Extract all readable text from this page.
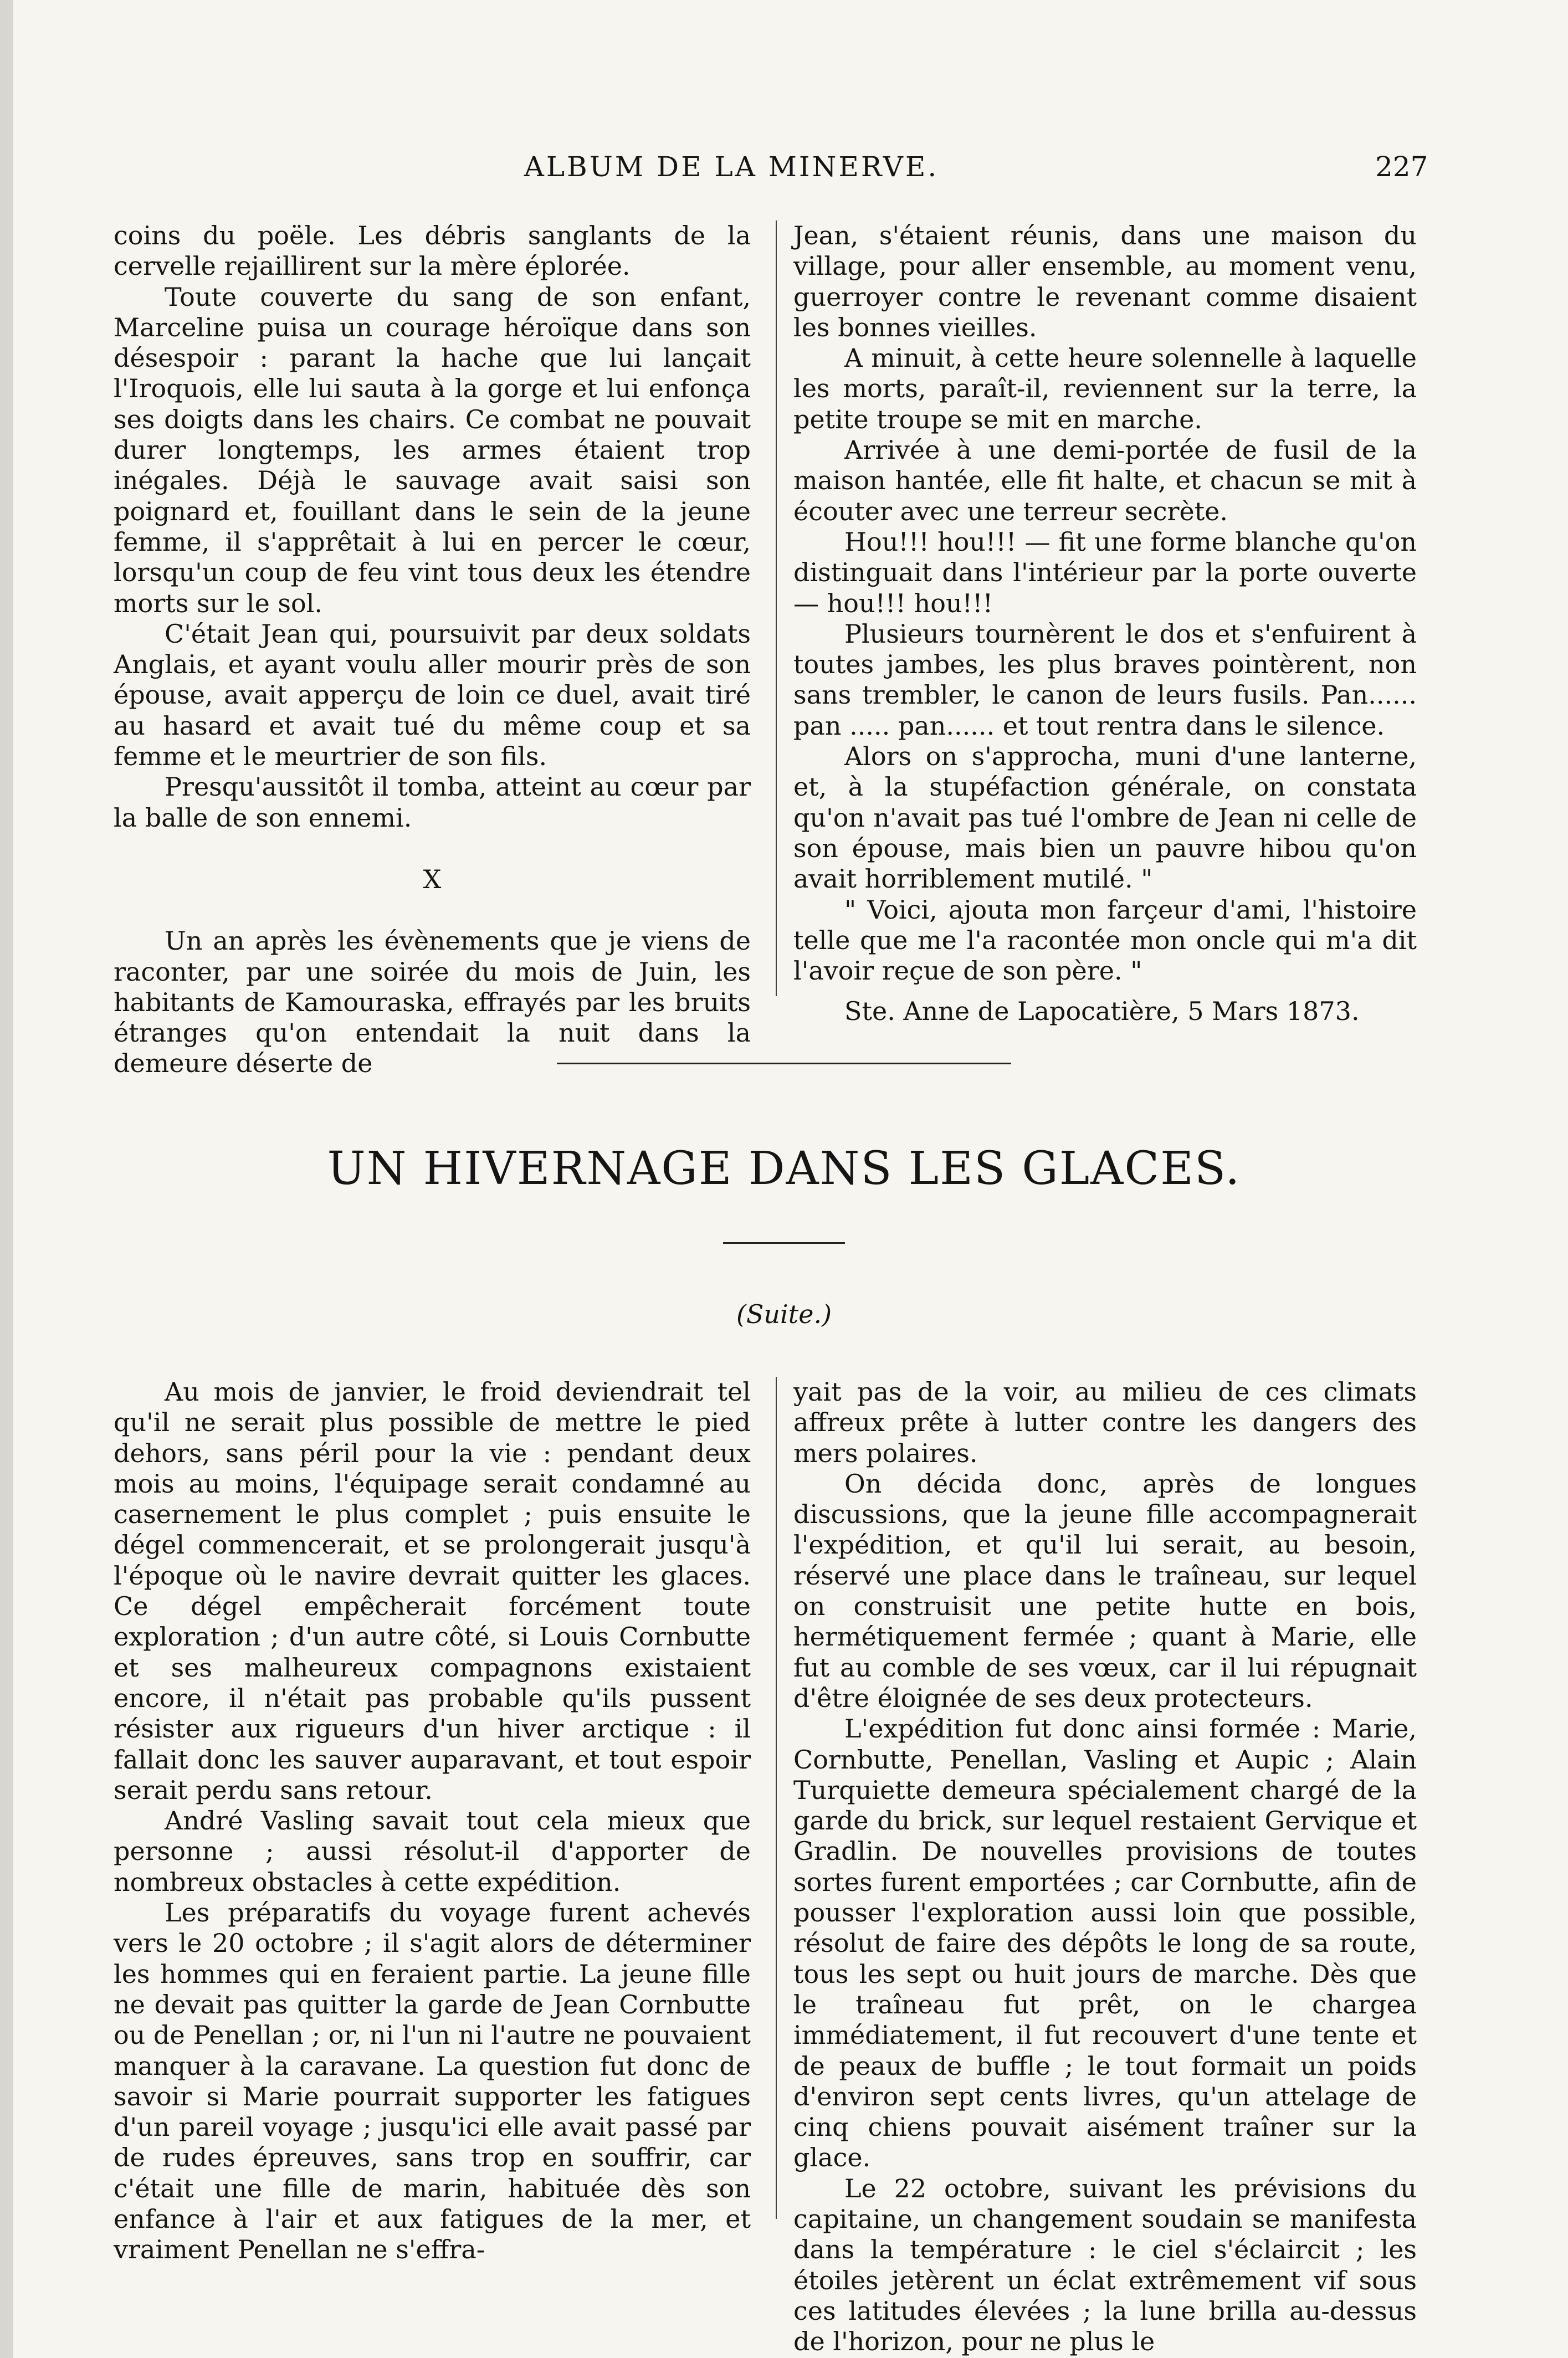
ALBUM DE LA MINERVE.	227

coins du poële. Les débris sanglants de la cervelle rejaillirent sur la mère éplorée.

Toute couverte du sang de son enfant, Marceline puisa un courage héroïque dans son désespoir : parant la hache que lui lançait l'Iroquois, elle lui sauta à la gorge et lui enfonça ses doigts dans les chairs. Ce combat ne pouvait durer longtemps, les armes étaient trop inégales. Déjà le sauvage avait saisi son poignard et, fouillant dans le sein de la jeune femme, il s'apprêtait à lui en percer le cœur, lorsqu'un coup de feu vint tous deux les étendre morts sur le sol.

C'était Jean qui, poursuivit par deux soldats Anglais, et ayant voulu aller mourir près de son épouse, avait apperçu de loin ce duel, avait tiré au hasard et avait tué du même coup et sa femme et le meurtrier de son fils.

Presqu'aussitôt il tomba, atteint au cœur par la balle de son ennemi.

X

Un an après les évènements que je viens de raconter, par une soirée du mois de Juin, les habitants de Kamouraska, effrayés par les bruits étranges qu'on entendait la nuit dans la demeure déserte de

Jean, s'étaient réunis, dans une maison du village, pour aller ensemble, au moment venu, guerroyer contre le revenant comme disaient les bonnes vieilles.

A minuit, à cette heure solennelle à laquelle les morts, paraît-il, reviennent sur la terre, la petite troupe se mit en marche.

Arrivée à une demi-portée de fusil de la maison hantée, elle fit halte, et chacun se mit à écouter avec une terreur secrète.

Hou!!! hou!!! — fit une forme blanche qu'on distinguait dans l'intérieur par la porte ouverte — hou!!! hou!!!

Plusieurs tournèrent le dos et s'enfuirent à toutes jambes, les plus braves pointèrent, non sans trembler, le canon de leurs fusils. Pan...... pan ..... pan...... et tout rentra dans le silence.

Alors on s'approcha, muni d'une lanterne, et, à la stupéfaction générale, on constata qu'on n'avait pas tué l'ombre de Jean ni celle de son épouse, mais bien un pauvre hibou qu'on avait horriblement mutilé. "

" Voici, ajouta mon farçeur d'ami, l'histoire telle que me l'a racontée mon oncle qui m'a dit l'avoir reçue de son père. "

Ste. Anne de Lapocatière, 5 Mars 1873.

UN HIVERNAGE DANS LES GLACES.
(Suite.)

Au mois de janvier, le froid deviendrait tel qu'il ne serait plus possible de mettre le pied dehors, sans péril pour la vie : pendant deux mois au moins, l'équipage serait condamné au casernement le plus complet ; puis ensuite le dégel commencerait, et se prolongerait jusqu'à l'époque où le navire devrait quitter les glaces. Ce dégel empêcherait forcément toute exploration ; d'un autre côté, si Louis Cornbutte et ses malheureux compagnons existaient encore, il n'était pas probable qu'ils pussent résister aux rigueurs d'un hiver arctique : il fallait donc les sauver auparavant, et tout espoir serait perdu sans retour.

André Vasling savait tout cela mieux que personne ; aussi résolut-il d'apporter de nombreux obstacles à cette expédition.

Les préparatifs du voyage furent achevés vers le 20 octobre ; il s'agit alors de déterminer les hommes qui en feraient partie. La jeune fille ne devait pas quitter la garde de Jean Cornbutte ou de Penellan ; or, ni l'un ni l'autre ne pouvaient manquer à la caravane. La question fut donc de savoir si Marie pourrait supporter les fatigues d'un pareil voyage ; jusqu'ici elle avait passé par de rudes épreuves, sans trop en souffrir, car c'était une fille de marin, habituée dès son enfance à l'air et aux fatigues de la mer, et vraiment Penellan ne s'effra-

yait pas de la voir, au milieu de ces climats affreux prête à lutter contre les dangers des mers polaires.

On décida donc, après de longues discussions, que la jeune fille accompagnerait l'expédition, et qu'il lui serait, au besoin, réservé une place dans le traîneau, sur lequel on construisit une petite hutte en bois, hermétiquement fermée ; quant à Marie, elle fut au comble de ses vœux, car il lui répugnait d'être éloignée de ses deux protecteurs.

L'expédition fut donc ainsi formée : Marie, Cornbutte, Penellan, Vasling et Aupic ; Alain Turquiette demeura spécialement chargé de la garde du brick, sur lequel restaient Gervique et Gradlin. De nouvelles provisions de toutes sortes furent emportées ; car Cornbutte, afin de pousser l'exploration aussi loin que possible, résolut de faire des dépôts le long de sa route, tous les sept ou huit jours de marche. Dès que le traîneau fut prêt, on le chargea immédiatement, il fut recouvert d'une tente et de peaux de buffle ; le tout formait un poids d'environ sept cents livres, qu'un attelage de cinq chiens pouvait aisément traîner sur la glace.

Le 22 octobre, suivant les prévisions du capitaine, un changement soudain se manifesta dans la température : le ciel s'éclaircit ; les étoiles jetèrent un éclat extrêmement vif sous ces latitudes élevées ; la lune brilla au-dessus de l'horizon, pour ne plus le
